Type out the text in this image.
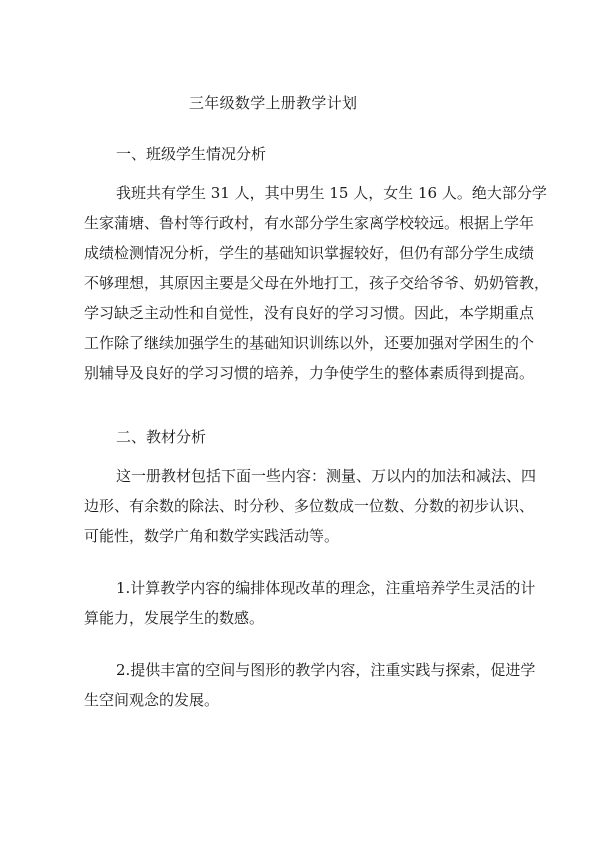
三年级数学上册教学计划
一、班级学生情况分析
我班共有学生 31 人，其中男生 15 人，女生 16 人。绝大部分学
生家蒲塘、鲁村等行政村，有水部分学生家离学校较远。根据上学年
成绩检测情况分析，学生的基础知识掌握较好，但仍有部分学生成绩
不够理想，其原因主要是父母在外地打工，孩子交给爷爷、奶奶管教，
学习缺乏主动性和自觉性，没有良好的学习习惯。因此，本学期重点
工作除了继续加强学生的基础知识训练以外，还要加强对学困生的个
别辅导及良好的学习习惯的培养，力争使学生的整体素质得到提高。
二、教材分析
这一册教材包括下面一些内容：测量、万以内的加法和减法、四
边形、有余数的除法、时分秒、多位数成一位数、分数的初步认识、
可能性，数学广角和数学实践活动等。
1.计算教学内容的编排体现改革的理念，注重培养学生灵活的计
算能力，发展学生的数感。
2.提供丰富的空间与图形的教学内容，注重实践与探索，促进学
生空间观念的发展。
